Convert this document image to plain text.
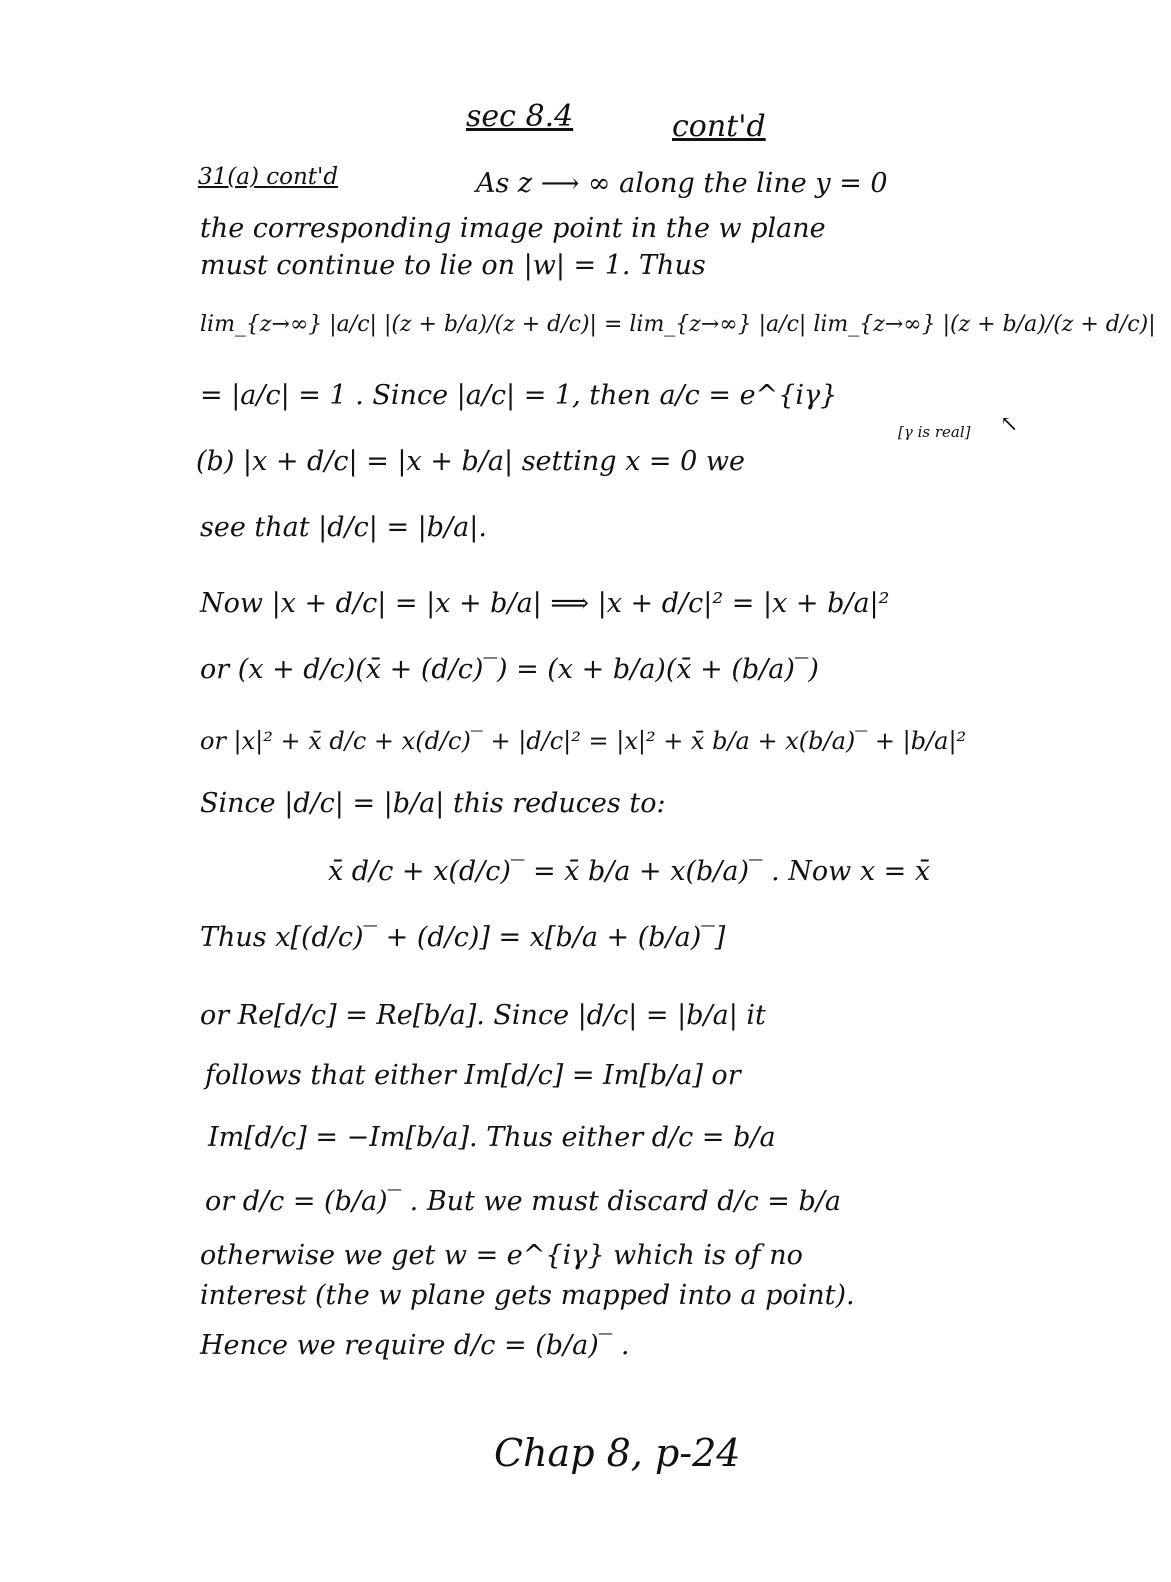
sec 8.4	cont'd
31(a) cont'd	As z ⟶ ∞ along the line y = 0
the corresponding image point in the w plane
must continue to lie on |w| = 1. Thus
lim_{z→∞} |a/c| |(z + b/a)/(z + d/c)| = lim_{z→∞} |a/c| lim_{z→∞} |(z + b/a)/(z + d/c)|
= |a/c| = 1 . Since |a/c| = 1, then a/c = e^{iγ}
[γ is real] ↖
(b) |x + d/c| = |x + b/a| setting x = 0 we
see that |d/c| = |b/a|.
Now |x + d/c| = |x + b/a| ⟹ |x + d/c|² = |x + b/a|²
or (x + d/c)(x̄ + (d/c)‾) = (x + b/a)(x̄ + (b/a)‾)
or |x|² + x̄ d/c + x(d/c)‾ + |d/c|² = |x|² + x̄ b/a + x(b/a)‾ + |b/a|²
Since |d/c| = |b/a| this reduces to:
x̄ d/c + x(d/c)‾ = x̄ b/a + x(b/a)‾ . Now x = x̄
Thus x[(d/c)‾ + (d/c)] = x[b/a + (b/a)‾]
or Re[d/c] = Re[b/a]. Since |d/c| = |b/a| it
follows that either Im[d/c] = Im[b/a] or
Im[d/c] = −Im[b/a]. Thus either d/c = b/a
or d/c = (b/a)‾ . But we must discard d/c = b/a
otherwise we get w = e^{iγ} which is of no
interest (the w plane gets mapped into a point).
Hence we require d/c = (b/a)‾ .
Chap 8, p-24
